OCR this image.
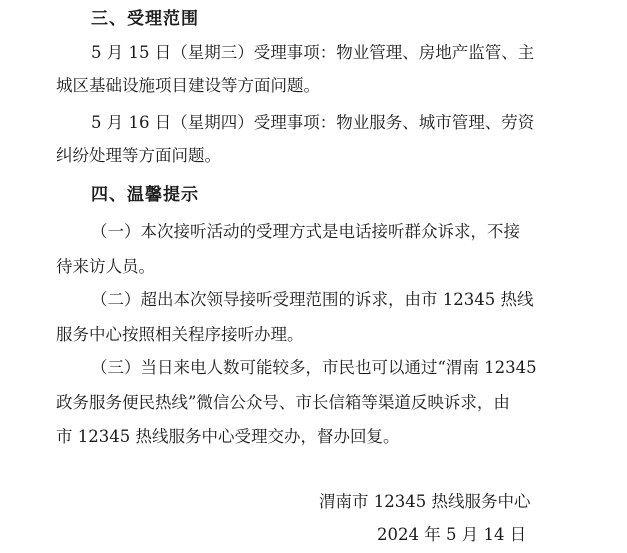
三、受理范围
5 月 15 日（星期三）受理事项：物业管理、房地产监管、主
城区基础设施项目建设等方面问题。
5 月 16 日（星期四）受理事项：物业服务、城市管理、劳资
纠纷处理等方面问题。
四、温馨提示
（一）本次接听活动的受理方式是电话接听群众诉求，不接
待来访人员。
（二）超出本次领导接听受理范围的诉求，由市 12345 热线
服务中心按照相关程序接听办理。
（三）当日来电人数可能较多，市民也可以通过“渭南 12345
政务服务便民热线”微信公众号、市长信箱等渠道反映诉求，由
市 12345 热线服务中心受理交办，督办回复。
渭南市 12345 热线服务中心
2024 年 5 月 14 日
